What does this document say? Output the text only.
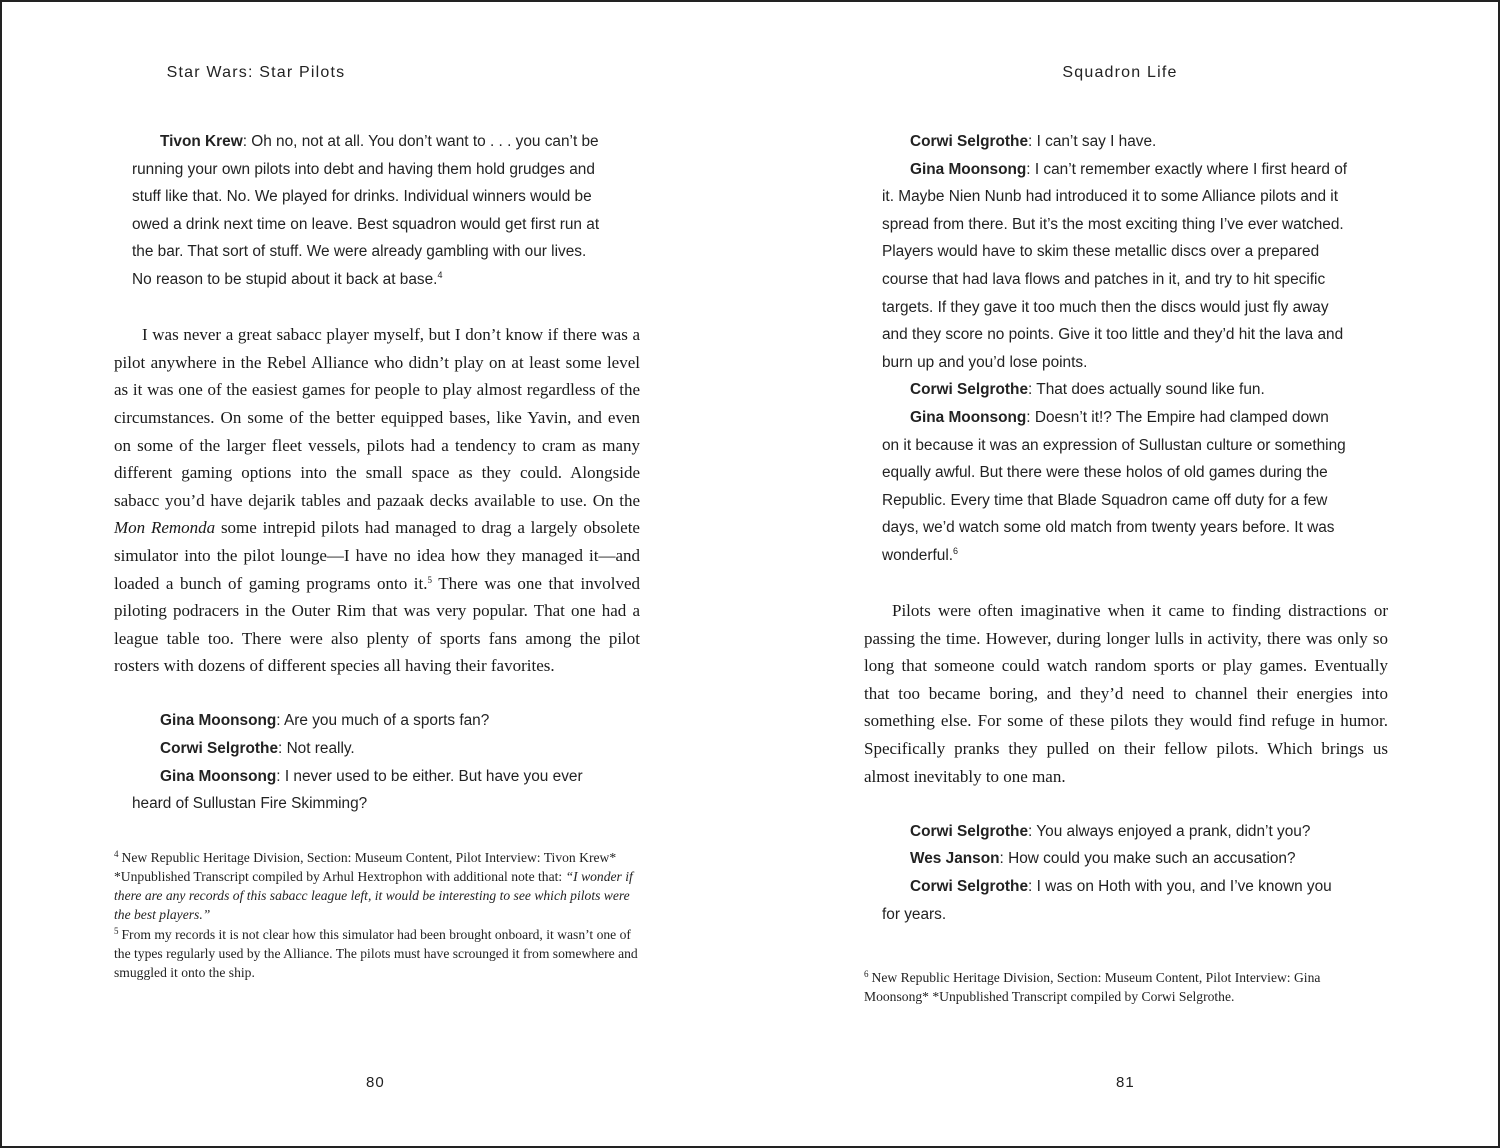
Star Wars: Star Pilots

Tivon Krew: Oh no, not at all. You don’t want to . . . you can’t be running your own pilots into debt and having them hold grudges and stuff like that. No. We played for drinks. Individual winners would be owed a drink next time on leave. Best squadron would get first run at the bar. That sort of stuff. We were already gambling with our lives. No reason to be stupid about it back at base.$^4$

I was never a great sabacc player myself, but I don’t know if there was a pilot anywhere in the Rebel Alliance who didn’t play on at least some level as it was one of the easiest games for people to play almost regardless of the circumstances. On some of the better equipped bases, like Yavin, and even on some of the larger fleet vessels, pilots had a tendency to cram as many different gaming options into the small space as they could. Alongside sabacc you’d have dejarik tables and pazaak decks available to use. On the Mon Remonda some intrepid pilots had managed to drag a largely obsolete simulator into the pilot lounge—I have no idea how they managed it—and loaded a bunch of gaming programs onto it.$^5$ There was one that involved piloting podracers in the Outer Rim that was very popular. That one had a league table too. There were also plenty of sports fans among the pilot rosters with dozens of different species all having their favorites.

Gina Moonsong: Are you much of a sports fan?

Corwi Selgrothe: Not really.

Gina Moonsong: I never used to be either. But have you ever heard of Sullustan Fire Skimming?

$^4$ New Republic Heritage Division, Section: Museum Content, Pilot Interview: Tivon Krew* *Unpublished Transcript compiled by Arhul Hextrophon with additional note that: “I wonder if there are any records of this sabacc league left, it would be interesting to see which pilots were the best players.”

$^5$ From my records it is not clear how this simulator had been brought onboard, it wasn’t one of the types regularly used by the Alliance. The pilots must have scrounged it from somewhere and smuggled it onto the ship.

80
Squadron Life

Corwi Selgrothe: I can’t say I have.

Gina Moonsong: I can’t remember exactly where I first heard of it. Maybe Nien Nunb had introduced it to some Alliance pilots and it spread from there. But it’s the most exciting thing I’ve ever watched. Players would have to skim these metallic discs over a prepared course that had lava flows and patches in it, and try to hit specific targets. If they gave it too much then the discs would just fly away and they score no points. Give it too little and they’d hit the lava and burn up and you’d lose points.

Corwi Selgrothe: That does actually sound like fun.

Gina Moonsong: Doesn’t it!? The Empire had clamped down on it because it was an expression of Sullustan culture or something equally awful. But there were these holos of old games during the Republic. Every time that Blade Squadron came off duty for a few days, we’d watch some old match from twenty years before. It was wonderful.$^6$

Pilots were often imaginative when it came to finding distractions or passing the time. However, during longer lulls in activity, there was only so long that someone could watch random sports or play games. Eventually that too became boring, and they’d need to channel their energies into something else. For some of these pilots they would find refuge in humor. Specifically pranks they pulled on their fellow pilots. Which brings us almost inevitably to one man.

Corwi Selgrothe: You always enjoyed a prank, didn’t you?

Wes Janson: How could you make such an accusation?

Corwi Selgrothe: I was on Hoth with you, and I’ve known you for years.

$^6$ New Republic Heritage Division, Section: Museum Content, Pilot Interview: Gina Moonsong* *Unpublished Transcript compiled by Corwi Selgrothe.

81
